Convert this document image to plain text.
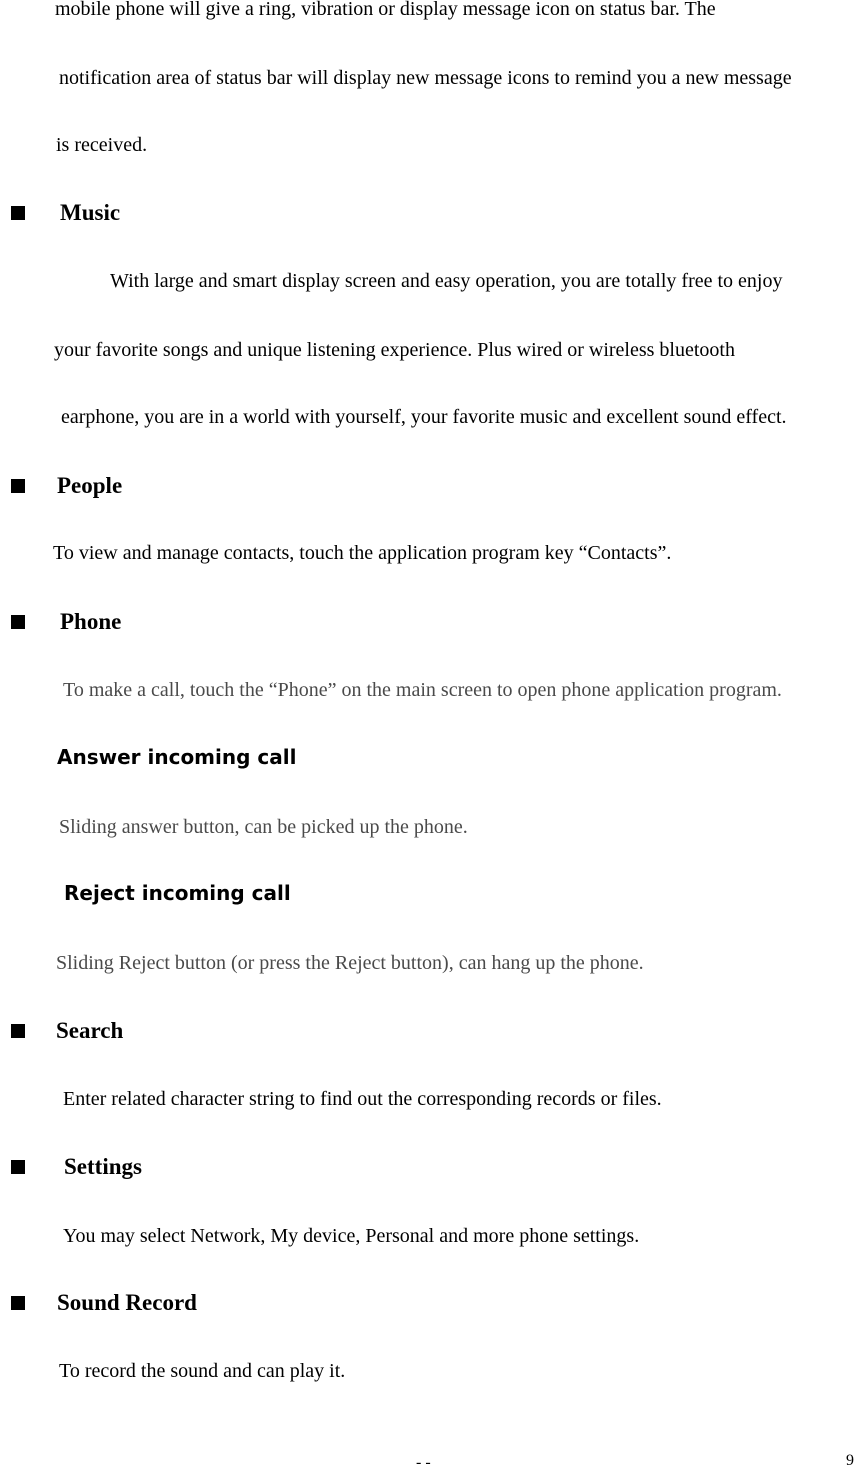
mobile phone will give a ring, vibration or display message icon on status bar. The
notification area of status bar will display new message icons to remind you a new message
is received.
Music
With large and smart display screen and easy operation, you are totally free to enjoy
your favorite songs and unique listening experience. Plus wired or wireless bluetooth
earphone, you are in a world with yourself, your favorite music and excellent sound effect.
People
To view and manage contacts, touch the application program key “Contacts”.
Phone
To make a call, touch the “Phone” on the main screen to open phone application program.
Answer incoming call
Sliding answer button, can be picked up the phone.
Reject incoming call
Sliding Reject button (or press the Reject button), can hang up the phone.
Search
Enter related character string to find out the corresponding records or files.
Settings
You may select Network, My device, Personal and more phone settings.
Sound Record
To record the sound and can play it.
- -	9
